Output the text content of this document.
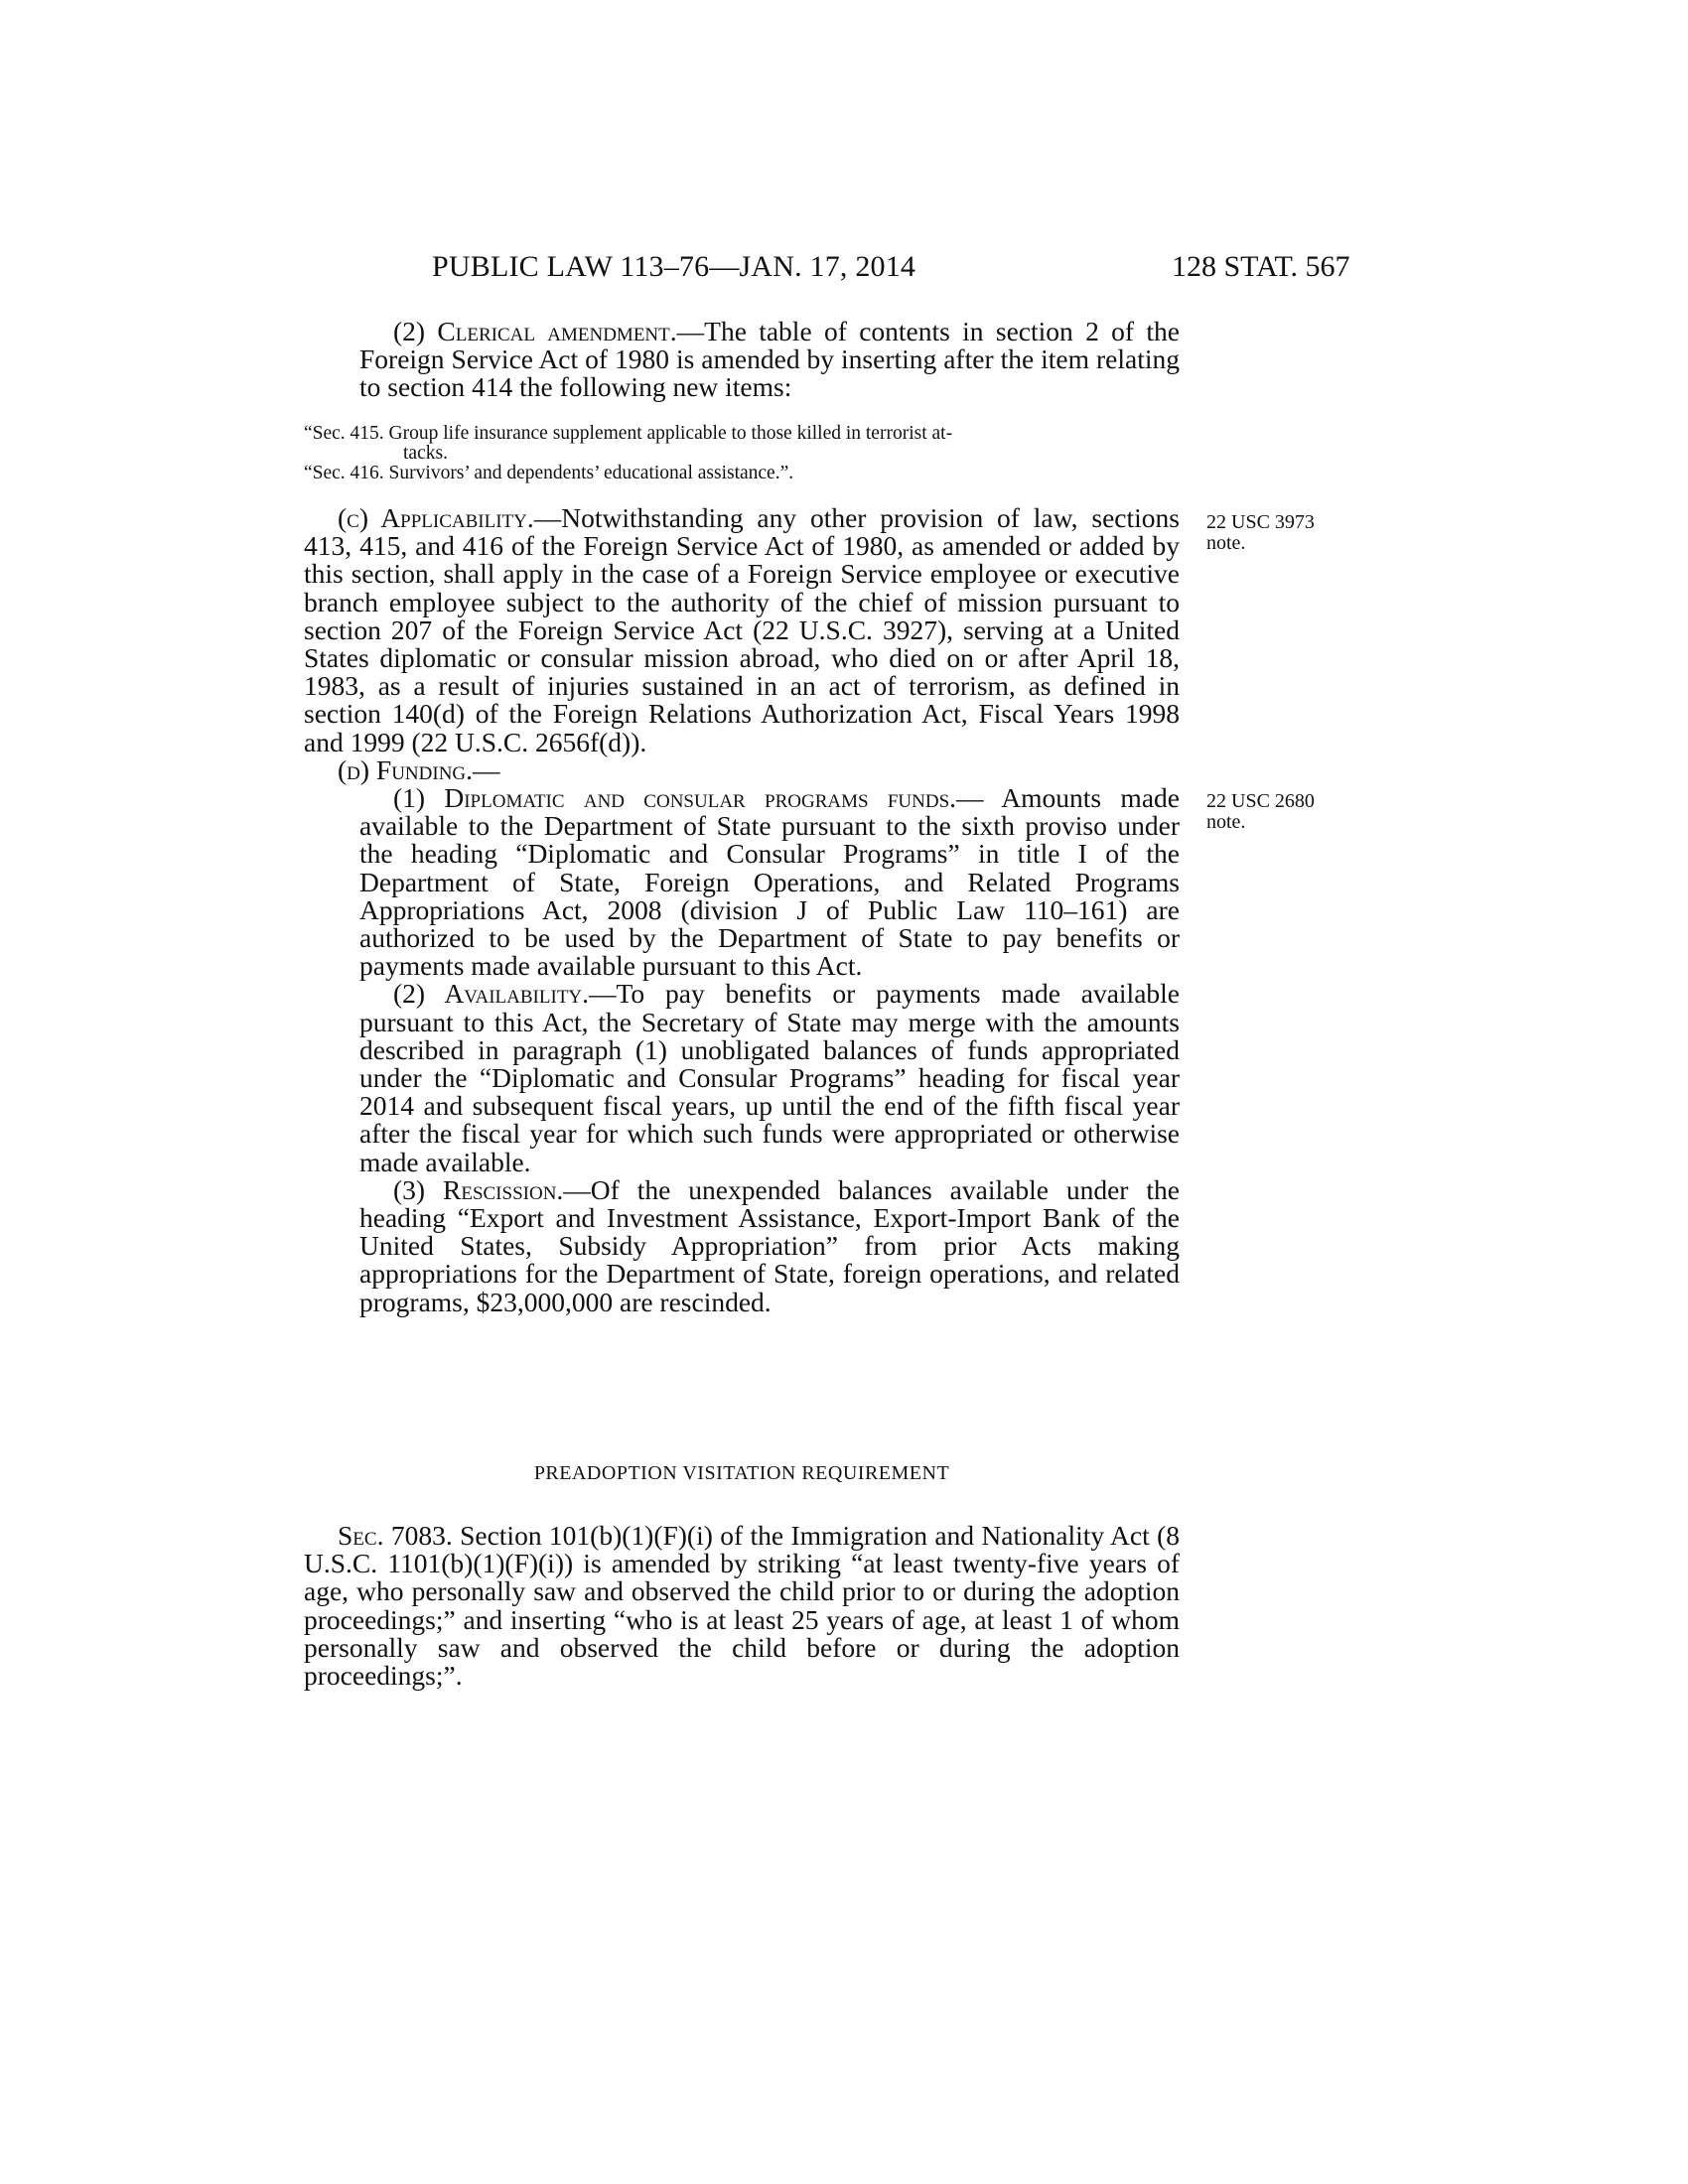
PUBLIC LAW 113–76—JAN. 17, 2014	128 STAT. 567

(2) Clerical amendment.—The table of contents in section 2 of the Foreign Service Act of 1980 is amended by inserting after the item relating to section 414 the following new items:

“Sec. 415. Group life insurance supplement applicable to those killed in terrorist at-
tacks.
“Sec. 416. Survivors’ and dependents’ educational assistance.”.

(c) Applicability.—Notwithstanding any other provision of law, sections 413, 415, and 416 of the Foreign Service Act of 1980, as amended or added by this section, shall apply in the case of a Foreign Service employee or executive branch employee subject to the authority of the chief of mission pursuant to section 207 of the Foreign Service Act (22 U.S.C. 3927), serving at a United States diplomatic or consular mission abroad, who died on or after April 18, 1983, as a result of injuries sustained in an act of terrorism, as defined in section 140(d) of the Foreign Relations Authorization Act, Fiscal Years 1998 and 1999 (22 U.S.C. 2656f(d)).

(d) Funding.—

(1) Diplomatic and consular programs funds.— Amounts made available to the Department of State pursuant to the sixth proviso under the heading “Diplomatic and Consular Programs” in title I of the Department of State, Foreign Operations, and Related Programs Appropriations Act, 2008 (division J of Public Law 110–161) are authorized to be used by the Department of State to pay benefits or payments made available pursuant to this Act.

(2) Availability.—To pay benefits or payments made available pursuant to this Act, the Secretary of State may merge with the amounts described in paragraph (1) unobligated balances of funds appropriated under the “Diplomatic and Consular Programs” heading for fiscal year 2014 and subsequent fiscal years, up until the end of the fifth fiscal year after the fiscal year for which such funds were appropriated or otherwise made available.

(3) Rescission.—Of the unexpended balances available under the heading “Export and Investment Assistance, Export-Import Bank of the United States, Subsidy Appropriation” from prior Acts making appropriations for the Department of State, foreign operations, and related programs, $23,000,000 are rescinded.

PREADOPTION VISITATION REQUIREMENT

Sec. 7083. Section 101(b)(1)(F)(i) of the Immigration and Nationality Act (8 U.S.C. 1101(b)(1)(F)(i)) is amended by striking “at least twenty-five years of age, who personally saw and observed the child prior to or during the adoption proceedings;” and inserting “who is at least 25 years of age, at least 1 of whom personally saw and observed the child before or during the adoption proceedings;”.

22 USC 3973
note.
22 USC 2680
note.
